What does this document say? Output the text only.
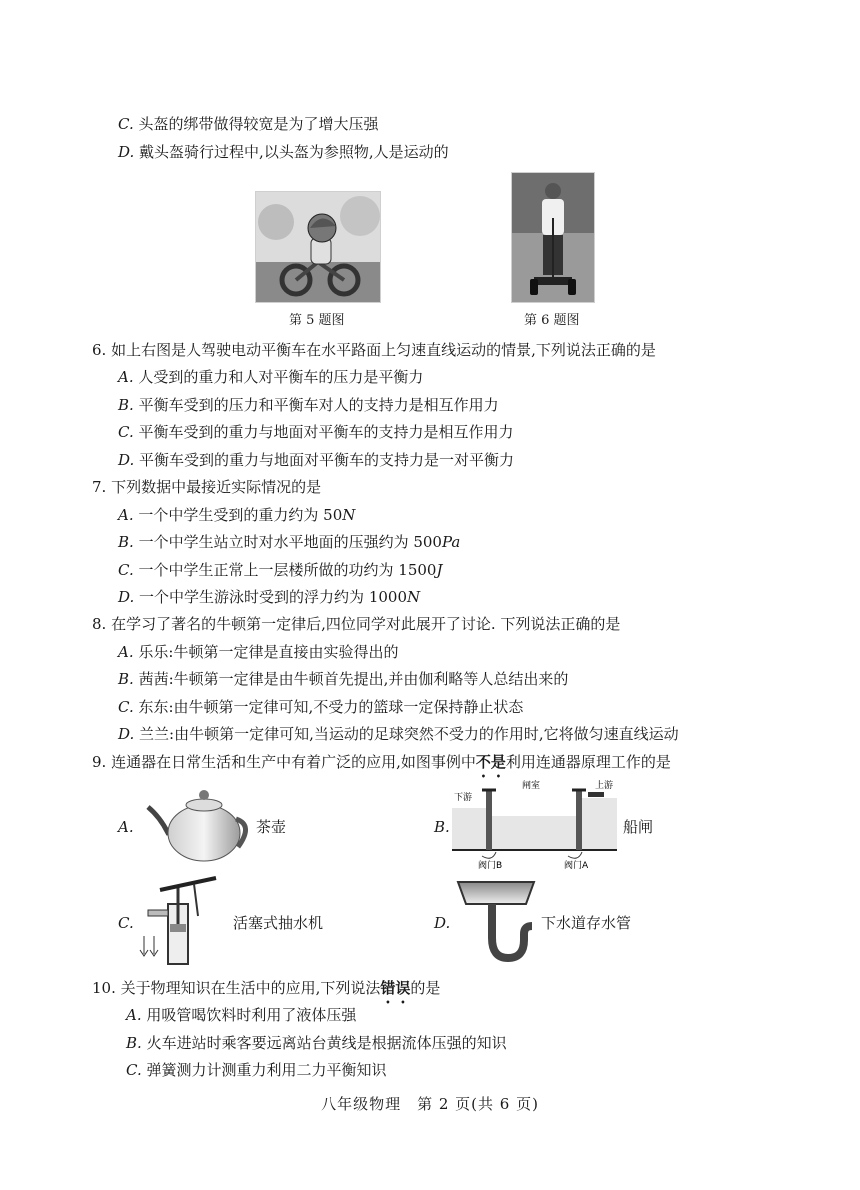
C. 头盔的绑带做得较宽是为了增大压强
D. 戴头盔骑行过程中,以头盔为参照物,人是运动的
第 5 题图	第 6 题图
6. 如上右图是人驾驶电动平衡车在水平路面上匀速直线运动的情景,下列说法正确的是
A. 人受到的重力和人对平衡车的压力是平衡力
B. 平衡车受到的压力和平衡车对人的支持力是相互作用力
C. 平衡车受到的重力与地面对平衡车的支持力是相互作用力
D. 平衡车受到的重力与地面对平衡车的支持力是一对平衡力
7. 下列数据中最接近实际情况的是
A. 一个中学生受到的重力约为 50N
B. 一个中学生站立时对水平地面的压强约为 500Pa
C. 一个中学生正常上一层楼所做的功约为 1500J
D. 一个中学生游泳时受到的浮力约为 1000N
8. 在学习了著名的牛顿第一定律后,四位同学对此展开了讨论. 下列说法正确的是
A. 乐乐:牛顿第一定律是直接由实验得出的
B. 茜茜:牛顿第一定律是由牛顿首先提出,并由伽利略等人总结出来的
C. 东东:由牛顿第一定律可知,不受力的篮球一定保持静止状态
D. 兰兰:由牛顿第一定律可知,当运动的足球突然不受力的作用时,它将做匀速直线运动
9. 连通器在日常生活和生产中有着广泛的应用,如图事例中不是利用连通器原理工作的是
A.	茶壶	B.
下游
闸室	上游
阀门B	阀门A
船闸
C.	活塞式抽水机	D.	下水道存水管
10. 关于物理知识在生活中的应用,下列说法错误的是
A. 用吸管喝饮料时利用了液体压强
B. 火车进站时乘客要远离站台黄线是根据流体压强的知识
C. 弹簧测力计测重力利用二力平衡知识
八年级物理　第 2 页(共 6 页)
